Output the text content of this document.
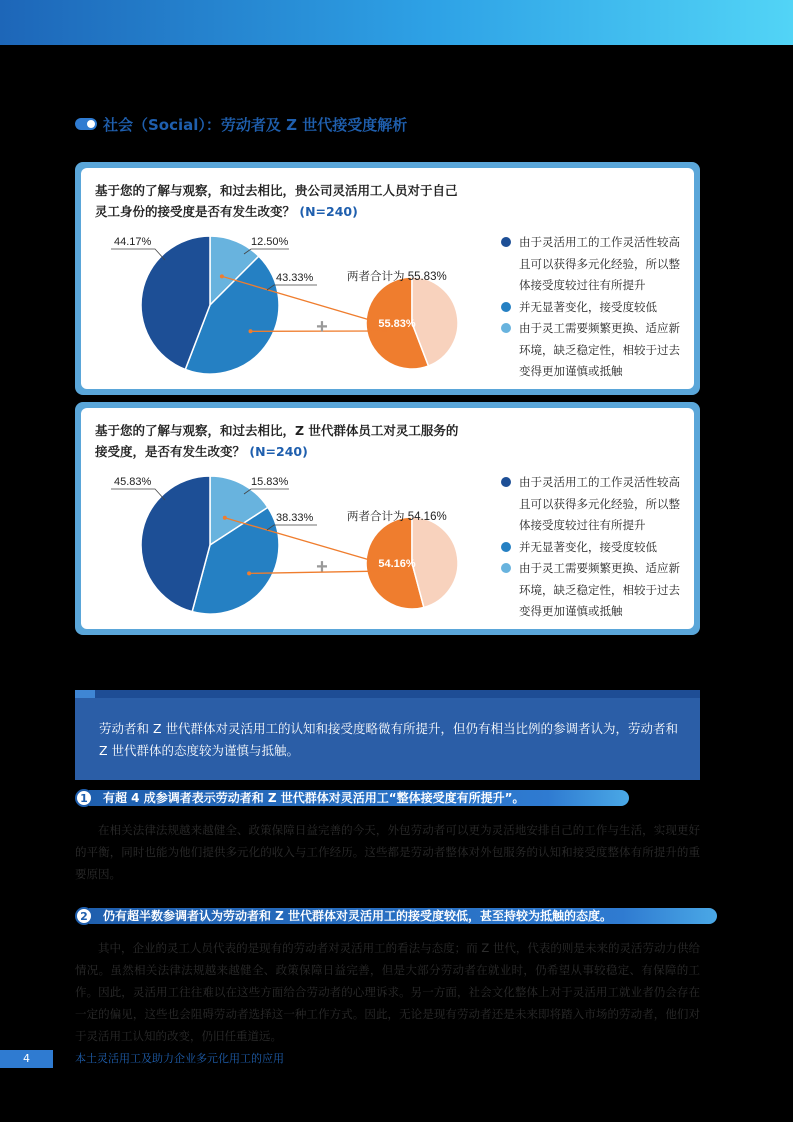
社会（Social）：劳动者及 Z 世代接受度解析
基于您的了解与观察，和过去相比，贵公司灵活用工人员对于自己灵工身份的接受度是否有发生改变？ (N=240)
44.17%	12.50%
43.33%	两者合计为 55.83%
55.83%
+
由于灵活用工的工作灵活性较高且可以获得多元化经验，所以整体接受度较过往有所提升
并无显著变化，接受度较低
由于灵工需要频繁更换、适应新环境，缺乏稳定性，相较于过去变得更加谨慎或抵触
基于您的了解与观察，和过去相比，Z 世代群体员工对灵工服务的接受度，是否有发生改变？ (N=240)
45.83%	15.83%
38.33%	两者合计为 54.16%
54.16%
+
由于灵活用工的工作灵活性较高且可以获得多元化经验，所以整体接受度较过往有所提升
并无显著变化，接受度较低
由于灵工需要频繁更换、适应新环境，缺乏稳定性，相较于过去变得更加谨慎或抵触
劳动者和 Z 世代群体对灵活用工的认知和接受度略微有所提升，但仍有相当比例的参调者认为，劳动者和 Z 世代群体的态度较为谨慎与抵触。
1	有超 4 成参调者表示劳动者和 Z 世代群体对灵活用工“整体接受度有所提升”。
在相关法律法规越来越健全、政策保障日益完善的今天，外包劳动者可以更为灵活地安排自己的工作与生活，实现更好的平衡，同时也能为他们提供多元化的收入与工作经历。这些都是劳动者整体对外包服务的认知和接受度整体有所提升的重要原因。
2	仍有超半数参调者认为劳动者和 Z 世代群体对灵活用工的接受度较低，甚至持较为抵触的态度。
其中，企业的灵工人员代表的是现有的劳动者对灵活用工的看法与态度；而 Z 世代，代表的则是未来的灵活劳动力供给情况。虽然相关法律法规越来越健全、政策保障日益完善，但是大部分劳动者在就业时，仍希望从事较稳定、有保障的工作。因此，灵活用工往往难以在这些方面给合劳动者的心理诉求。另一方面，社会文化整体上对于灵活用工就业者仍会存在一定的偏见，这些也会阻碍劳动者选择这一种工作方式。因此，无论是现有劳动者还是未来即将踏入市场的劳动者，他们对于灵活用工认知的改变，仍旧任重道远。
4	本土灵活用工及助力企业多元化用工的应用
